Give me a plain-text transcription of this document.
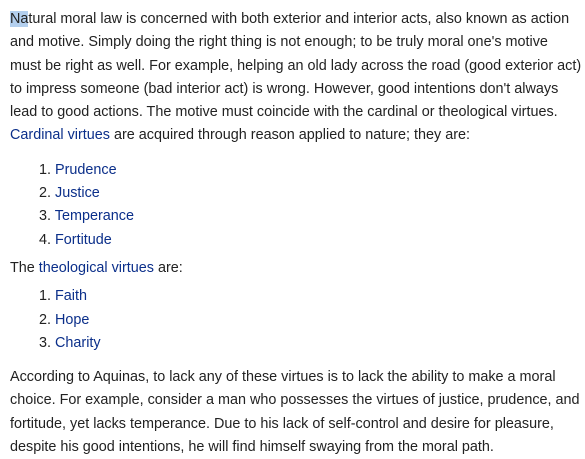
Natural moral law is concerned with both exterior and interior acts, also known as action and motive. Simply doing the right thing is not enough; to be truly moral one's motive must be right as well. For example, helping an old lady across the road (good exterior act) to impress someone (bad interior act) is wrong. However, good intentions don't always lead to good actions. The motive must coincide with the cardinal or theological virtues. Cardinal virtues are acquired through reason applied to nature; they are:

1. Prudence
2. Justice
3. Temperance
4. Fortitude

The theological virtues are:

1. Faith
2. Hope
3. Charity

According to Aquinas, to lack any of these virtues is to lack the ability to make a moral choice. For example, consider a man who possesses the virtues of justice, prudence, and fortitude, yet lacks temperance. Due to his lack of self-control and desire for pleasure, despite his good intentions, he will find himself swaying from the moral path.
